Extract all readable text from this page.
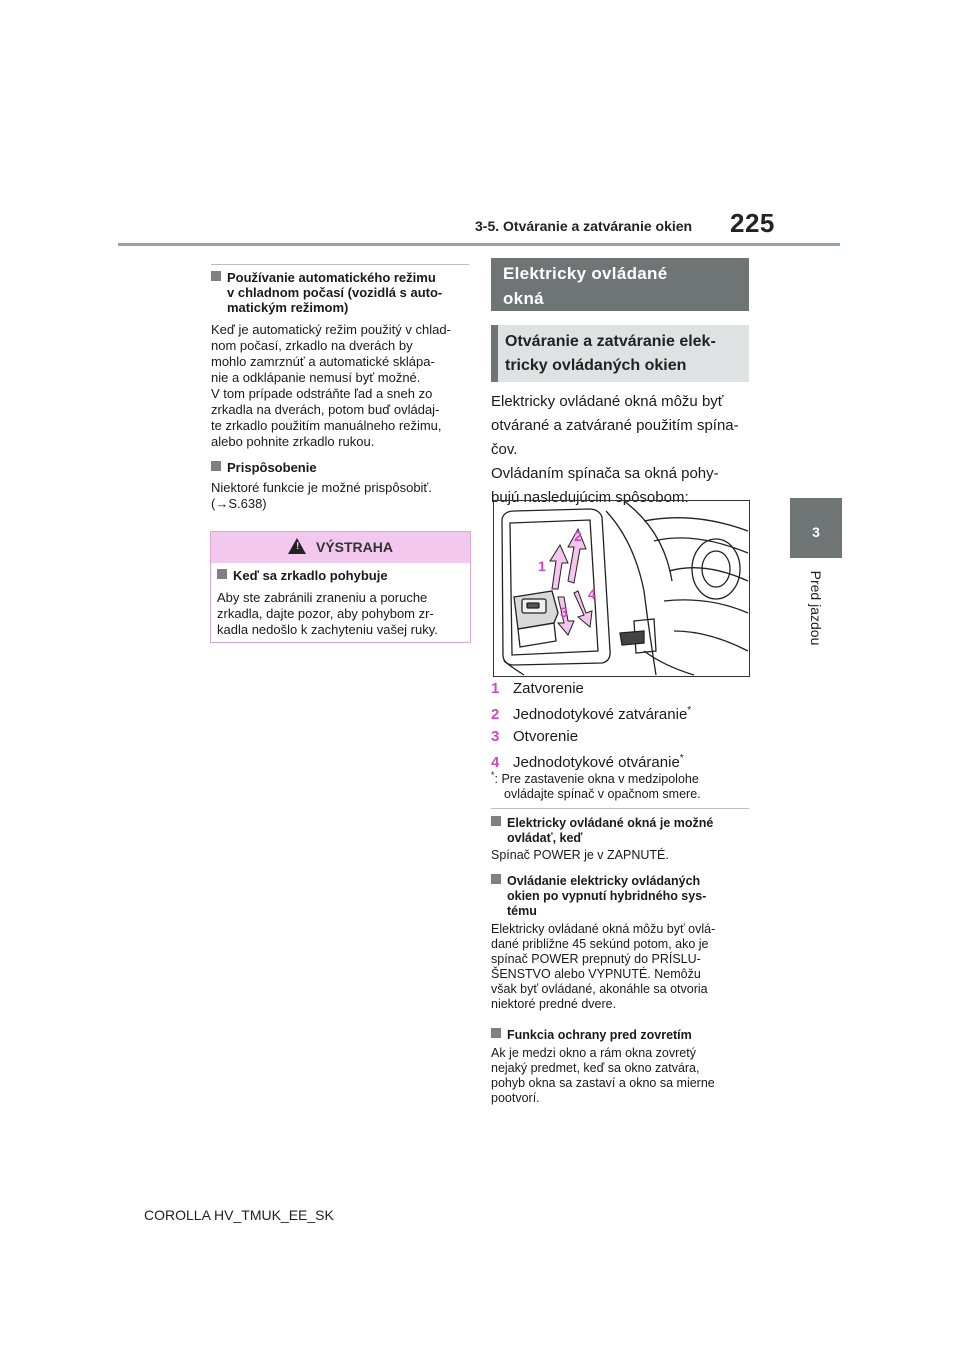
3-5. Otváranie a zatváranie okien 225
3
Pred jazdou
Používanie automatického režimu
v chladnom počasí (vozidlá s auto-
matickým režimom)
Keď je automatický režim použitý v chlad-
nom počasí, zrkadlo na dverách by
mohlo zamrznúť a automatické sklápa-
nie a odklápanie nemusí byť možné.
V tom prípade odstráňte ľad a sneh zo
zrkadla na dverách, potom buď ovládaj-
te zrkadlo použitím manuálneho režimu,
alebo pohnite zrkadlo rukou.
Prispôsobenie
Niektoré funkcie je možné prispôsobiť.
(→S.638)
! VÝSTRAHA
Keď sa zrkadlo pohybuje
Aby ste zabránili zraneniu a poruche
zrkadla, dajte pozor, aby pohybom zr-
kadla nedošlo k zachyteniu vašej ruky.
Elektricky ovládané
okná
Otváranie a zatváranie elek-
tricky ovládaných okien
Elektricky ovládané okná môžu byť
otvárané a zatvárané použitím spína-
čov.
Ovládaním spínača sa okná pohy-
bujú nasledujúcim spôsobom:
1
2
3
4
1 Zatvorenie
2 Jednodotykové zatváranie*
3 Otvorenie
4 Jednodotykové otváranie*
*: Pre zastavenie okna v medzipolohe
ovládajte spínač v opačnom smere.
Elektricky ovládané okná je možné
ovládať, keď
Spínač POWER je v ZAPNUTÉ.
Ovládanie elektricky ovládaných
okien po vypnutí hybridného sys-
tému
Elektricky ovládané okná môžu byť ovlá-
dané približne 45 sekúnd potom, ako je
spínač POWER prepnutý do PRÍSLU-
ŠENSTVO alebo VYPNUTÉ. Nemôžu
však byť ovládané, akonáhle sa otvoria
niektoré predné dvere.
Funkcia ochrany pred zovretím
Ak je medzi okno a rám okna zovretý
nejaký predmet, keď sa okno zatvára,
pohyb okna sa zastaví a okno sa mierne
pootvorí.
COROLLA HV_TMUK_EE_SK
